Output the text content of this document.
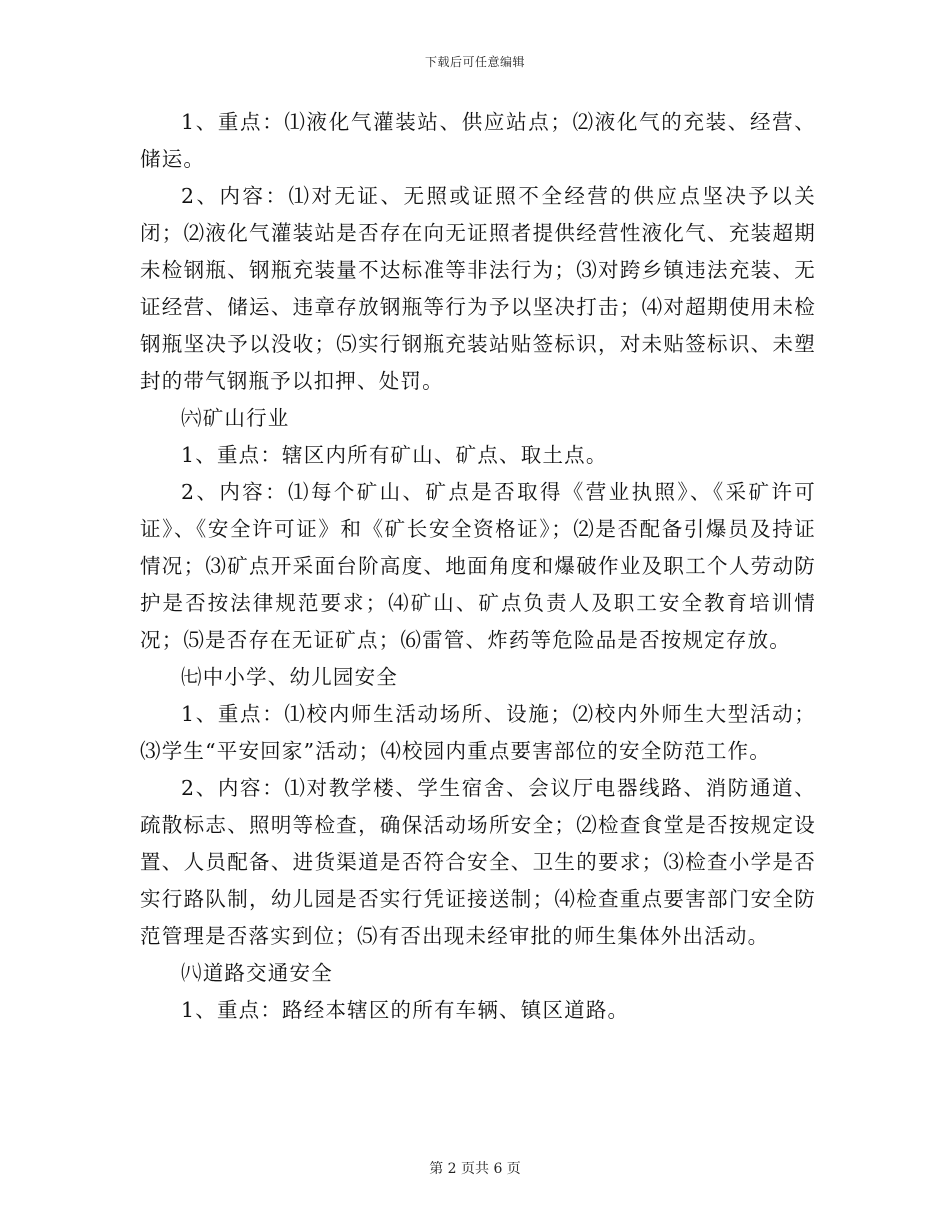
下载后可任意编辑

1、重点：⑴液化气灌装站、供应站点；⑵液化气的充装、经营、储运。

2、内容：⑴对无证、无照或证照不全经营的供应点坚决予以关闭；⑵液化气灌装站是否存在向无证照者提供经营性液化气、充装超期未检钢瓶、钢瓶充装量不达标准等非法行为；⑶对跨乡镇违法充装、无证经营、储运、违章存放钢瓶等行为予以坚决打击；⑷对超期使用未检钢瓶坚决予以没收；⑸实行钢瓶充装站贴签标识，对未贴签标识、未塑封的带气钢瓶予以扣押、处罚。

㈥矿山行业

1、重点：辖区内所有矿山、矿点、取土点。

2、内容：⑴每个矿山、矿点是否取得《营业执照》、《采矿许可证》、《安全许可证》和《矿长安全资格证》；⑵是否配备引爆员及持证情况；⑶矿点开采面台阶高度、地面角度和爆破作业及职工个人劳动防护是否按法律规范要求；⑷矿山、矿点负责人及职工安全教育培训情况；⑸是否存在无证矿点；⑹雷管、炸药等危险品是否按规定存放。

㈦中小学、幼儿园安全

1、重点：⑴校内师生活动场所、设施；⑵校内外师生大型活动；⑶学生“平安回家”活动；⑷校园内重点要害部位的安全防范工作。

2、内容：⑴对教学楼、学生宿舍、会议厅电器线路、消防通道、疏散标志、照明等检查，确保活动场所安全；⑵检查食堂是否按规定设置、人员配备、进货渠道是否符合安全、卫生的要求；⑶检查小学是否实行路队制，幼儿园是否实行凭证接送制；⑷检查重点要害部门安全防范管理是否落实到位；⑸有否出现未经审批的师生集体外出活动。

㈧道路交通安全

1、重点：路经本辖区的所有车辆、镇区道路。

第 2 页共 6 页
